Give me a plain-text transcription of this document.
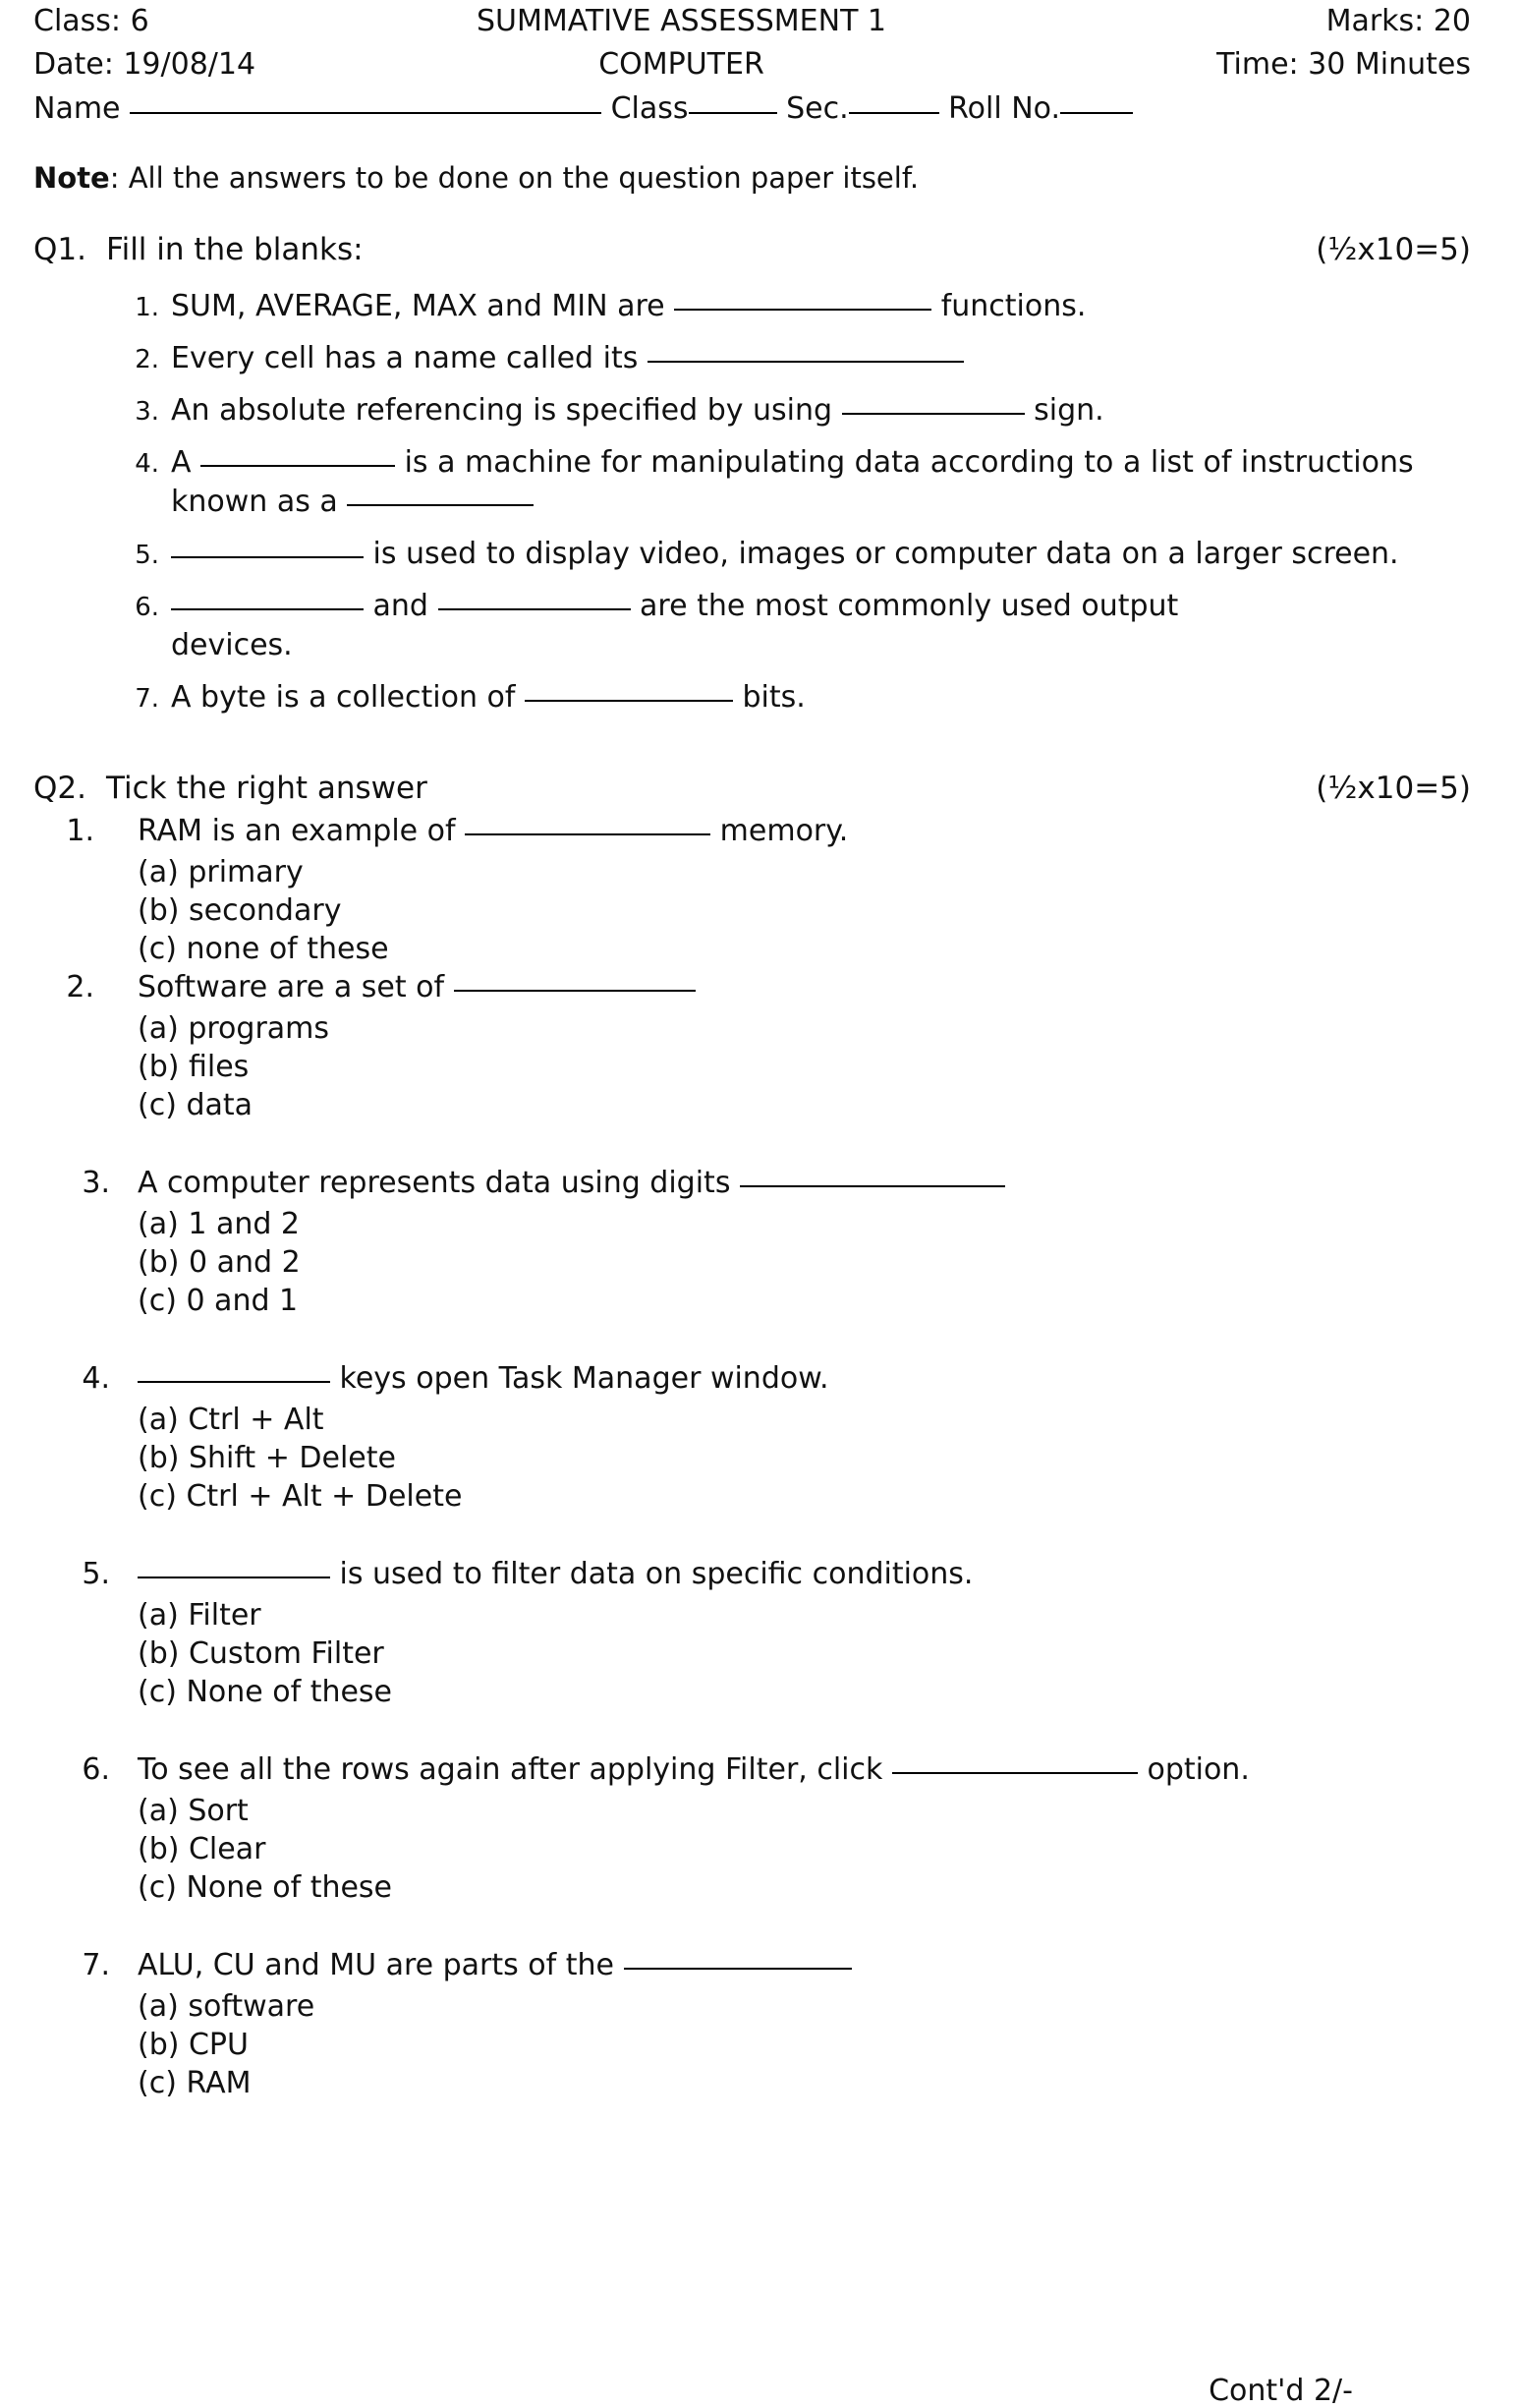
Class: 6	SUMMATIVE ASSESSMENT 1	Marks: 20
Date: 19/08/14	COMPUTER	Time: 30 Minutes
Name	Class	Sec.	Roll No.
Note: All the answers to be done on the question paper itself.
Q1. Fill in the blanks:	(½x10=5)
1. SUM, AVERAGE, MAX and MIN are	functions.
2. Every cell has a name called its
3. An absolute referencing is specified by using	sign.
4. A	is a machine for manipulating data according to a list of instructions
known as a
5.	is used to display video, images or computer data on a larger screen.
6.	and	are the most commonly used output
devices.
7. A byte is a collection of	bits.
Q2. Tick the right answer	(½x10=5)
1. RAM is an example of	memory.
(a) primary
(b) secondary
(c) none of these
2. Software are a set of
(a) programs
(b) files
(c) data
3. A computer represents data using digits
(a) 1 and 2
(b) 0 and 2
(c) 0 and 1
4.	keys open Task Manager window.
(a) Ctrl + Alt
(b) Shift + Delete
(c) Ctrl + Alt + Delete
5.	is used to filter data on specific conditions.
(a) Filter
(b) Custom Filter
(c) None of these
6. To see all the rows again after applying Filter, click	option.
(a) Sort
(b) Clear
(c) None of these
7. ALU, CU and MU are parts of the
(a) software
(b) CPU
(c) RAM
Cont'd 2/-
